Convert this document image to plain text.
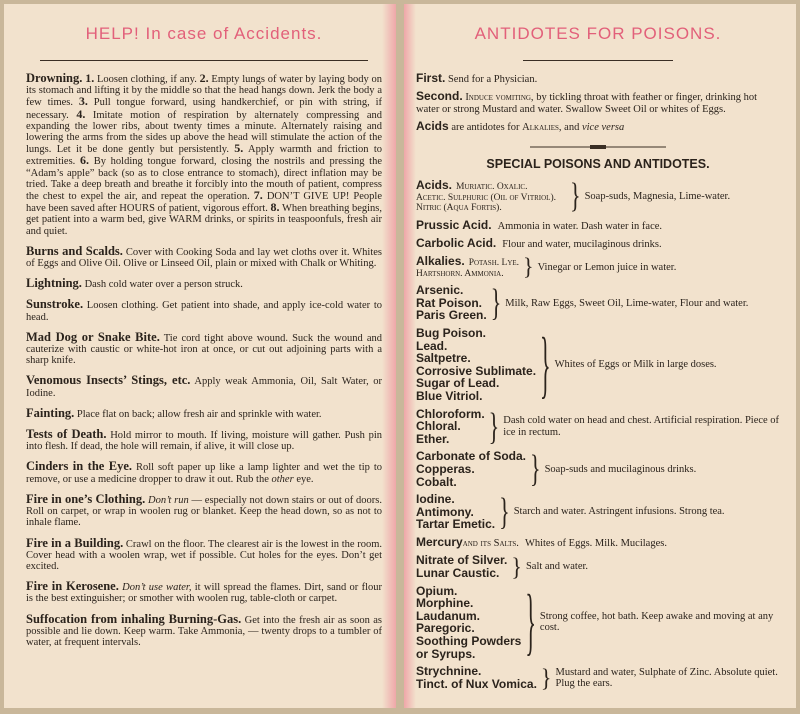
HELP! In case of Accidents.

Drowning. 1. Loosen clothing, if any. 2. Empty lungs of water by laying body on its stomach and lifting it by the middle so that the head hangs down. Jerk the body a few times. 3. Pull tongue forward, using handkerchief, or pin with string, if necessary. 4. Imitate motion of respiration by alternately compressing and expanding the lower ribs, about twenty times a minute. Alternately raising and lowering the arms from the sides up above the head will stimulate the action of the lungs. Let it be done gently but persistently. 5. Apply warmth and friction to extremities. 6. By holding tongue forward, closing the nostrils and pressing the “Adam’s apple” back (so as to close entrance to stomach), direct inflation may be tried. Take a deep breath and breathe it forcibly into the mouth of patient, compress the chest to expel the air, and repeat the operation. 7. DON’T GIVE UP! People have been saved after HOURS of patient, vigorous effort. 8. When breathing begins, get patient into a warm bed, give WARM drinks, or spirits in teaspoonfuls, fresh air and quiet.

Burns and Scalds. Cover with Cooking Soda and lay wet cloths over it. Whites of Eggs and Olive Oil. Olive or Linseed Oil, plain or mixed with Chalk or Whiting.

Lightning. Dash cold water over a person struck.

Sunstroke. Loosen clothing. Get patient into shade, and apply ice-cold water to head.

Mad Dog or Snake Bite. Tie cord tight above wound. Suck the wound and cauterize with caustic or white-hot iron at once, or cut out adjoining parts with a sharp knife.

Venomous Insects’ Stings, etc. Apply weak Ammonia, Oil, Salt Water, or Iodine.

Fainting. Place flat on back; allow fresh air and sprinkle with water.

Tests of Death. Hold mirror to mouth. If living, moisture will gather. Push pin into flesh. If dead, the hole will remain, if alive, it will close up.

Cinders in the Eye. Roll soft paper up like a lamp lighter and wet the tip to remove, or use a medicine dropper to draw it out. Rub the other eye.

Fire in one’s Clothing. Don’t run — especially not down stairs or out of doors. Roll on carpet, or wrap in woolen rug or blanket. Keep the head down, so as not to inhale flame.

Fire in a Building. Crawl on the floor. The clearest air is the lowest in the room. Cover head with a woolen wrap, wet if possible. Cut holes for the eyes. Don’t get excited.

Fire in Kerosene. Don’t use water, it will spread the flames. Dirt, sand or flour is the best extinguisher; or smother with woolen rug, table-cloth or carpet.

Suffocation from inhaling Burning-Gas. Get into the fresh air as soon as possible and lie down. Keep warm. Take Ammonia, — twenty drops to a tumbler of water, at frequent intervals.

ANTIDOTES FOR POISONS.

First. Send for a Physician.

Second. Induce vomiting, by tickling throat with feather or finger, drinking hot water or strong Mustard and water. Swallow Sweet Oil or whites of Eggs.

Acids are antidotes for Alkalies, and vice versa

SPECIAL POISONS AND ANTIDOTES.
Acids. Muriatic. Oxalic.
Acetic. Sulphuric (Oil of Vitriol). Nitric (Aqua Fortis).	} Soap-suds, Magnesia, Lime-water.
Prussic Acid. Ammonia in water. Dash water in face.
Carbolic Acid. Flour and water, mucilaginous drinks.
Alkalies. Potash. Lye.
Hartshorn. Ammonia. } Vinegar or Lemon juice in water.
Arsenic.
Rat Poison.
Paris Green. } Milk, Raw Eggs, Sweet Oil, Lime-water, Flour and water.
Bug Poison.
Lead.
Saltpetre.
Corrosive Sublimate.
Sugar of Lead.
Blue Vitriol.	} Whites of Eggs or Milk in large doses.
Chloroform.
Chloral.
Ether.	} Dash cold water on head and chest. Artificial respiration. Piece of ice in rectum.
Carbonate of Soda.
Copperas.
Cobalt.	} Soap-suds and mucilaginous drinks.
Iodine.
Antimony.
Tartar Emetic. } Starch and water. Astringent infusions. Strong tea.
Mercury and its Salts. Whites of Eggs. Milk. Mucilages.
Nitrate of Silver.
Lunar Caustic. } Salt and water.
Opium.
Morphine.
Laudanum.
Paregoric.
Soothing Powders
or Syrups.	} Strong coffee, hot bath. Keep awake and moving at any cost.
Strychnine.
Tinct. of Nux Vomica. } Mustard and water, Sulphate of Zinc. Absolute quiet. Plug the ears.
